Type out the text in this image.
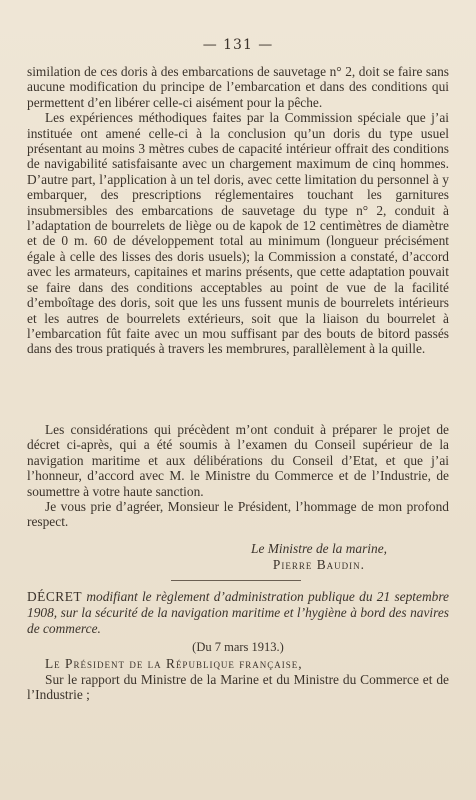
— 131 —

similation de ces doris à des embarcations de sauvetage n° 2, doit se faire sans aucune modification du principe de l’embarcation et dans des conditions qui permettent d’en libérer celle-ci aisément pour la pêche.

Les expériences méthodiques faites par la Commission spéciale que j’ai instituée ont amené celle-ci à la conclusion qu’un doris du type usuel présentant au moins 3 mètres cubes de capacité intérieur offrait des conditions de navigabilité satisfaisante avec un chargement maximum de cinq hommes. D’autre part, l’application à un tel doris, avec cette limitation du personnel à y embarquer, des prescriptions réglementaires touchant les garnitures insubmersibles des embarcations de sauvetage du type n° 2, conduit à l’adaptation de bourrelets de liège ou de kapok de 12 centimètres de diamètre et de 0 m. 60 de développement total au minimum (longueur précisément égale à celle des lisses des doris usuels); la Commission a constaté, d’accord avec les armateurs, capitaines et marins présents, que cette adaptation pouvait se faire dans des conditions acceptables au point de vue de la facilité d’emboîtage des doris, soit que les uns fussent munis de bourrelets intérieurs et les autres de bourrelets extérieurs, soit que la liaison du bourrelet à l’embarcation fût faite avec un mou suffisant par des bouts de bitord passés dans des trous pratiqués à travers les membrures, parallèlement à la quille.

Les considérations qui précèdent m’ont conduit à préparer le projet de décret ci-après, qui a été soumis à l’examen du Conseil supérieur de la navigation maritime et aux délibérations du Conseil d’Etat, et que j’ai l’honneur, d’accord avec M. le Ministre du Commerce et de l’Industrie, de soumettre à votre haute sanction.

Je vous prie d’agréer, Monsieur le Président, l’hommage de mon profond respect.

Le Ministre de la marine,
Pierre Baudin.
DÉCRET modifiant le règlement d’administration publique du 21 septembre 1908, sur la sécurité de la navigation maritime et l’hygiène à bord des navires de commerce.
(Du 7 mars 1913.)
Le Président de la République française,

Sur le rapport du Ministre de la Marine et du Ministre du Commerce et de l’Industrie ;
